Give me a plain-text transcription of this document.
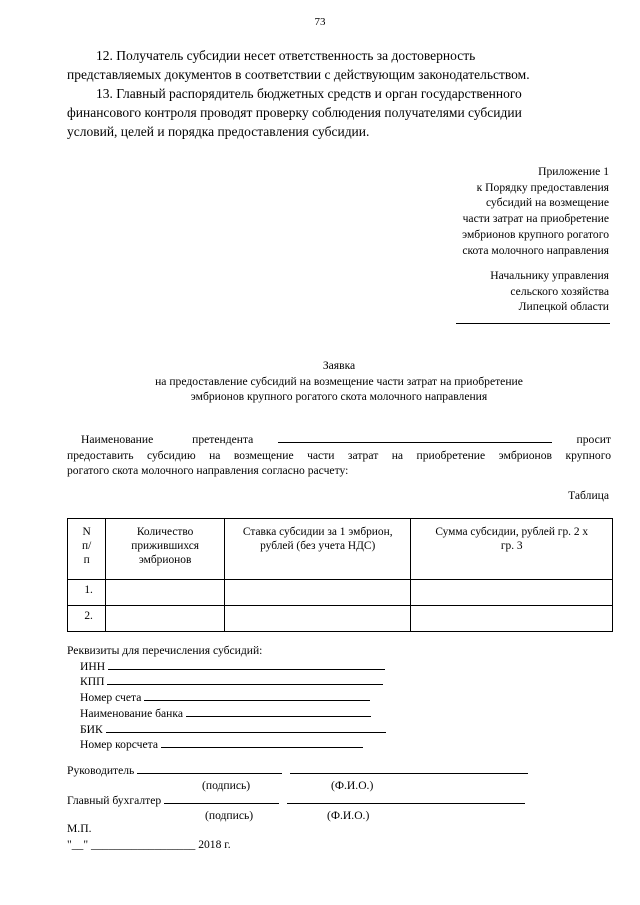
73

12. Получатель субсидии несет ответственность за достоверность

представляемых документов в соответствии с действующим законодательством.

13. Главный распорядитель бюджетных средств и орган государственного

финансового контроля проводят проверку соблюдения получателями субсидии

условий, целей и порядка предоставления субсидии.

Приложение 1
к Порядку предоставления
субсидий на возмещение
части затрат на приобретение
эмбрионов крупного рогатого
скота молочного направления
Начальнику управления
сельского хозяйства
Липецкой области
Заявка
на предоставление субсидий на возмещение части затрат на приобретение
эмбрионов крупного рогатого скота молочного направления
Наименование претендента	просит
предоставить субсидию на возмещение части затрат на приобретение эмбрионов крупного
рогатого скота молочного направления согласно расчету:
Таблица
N п/п	Количество прижившихся эмбрионов	Ставка субсидии за 1 эмбрион, рублей (без учета НДС)	Сумма субсидии, рублей гр. 2 х гр. 3
1.			
2.			
Реквизиты для перечисления субсидий:
ИНН
КПП
Номер счета
Наименование банка
БИК
Номер корсчета
Руководитель
(подпись)	(Ф.И.О.)
Главный бухгалтер
(подпись)	(Ф.И.О.)
М.П.
"__" __________________ 2018 г.
